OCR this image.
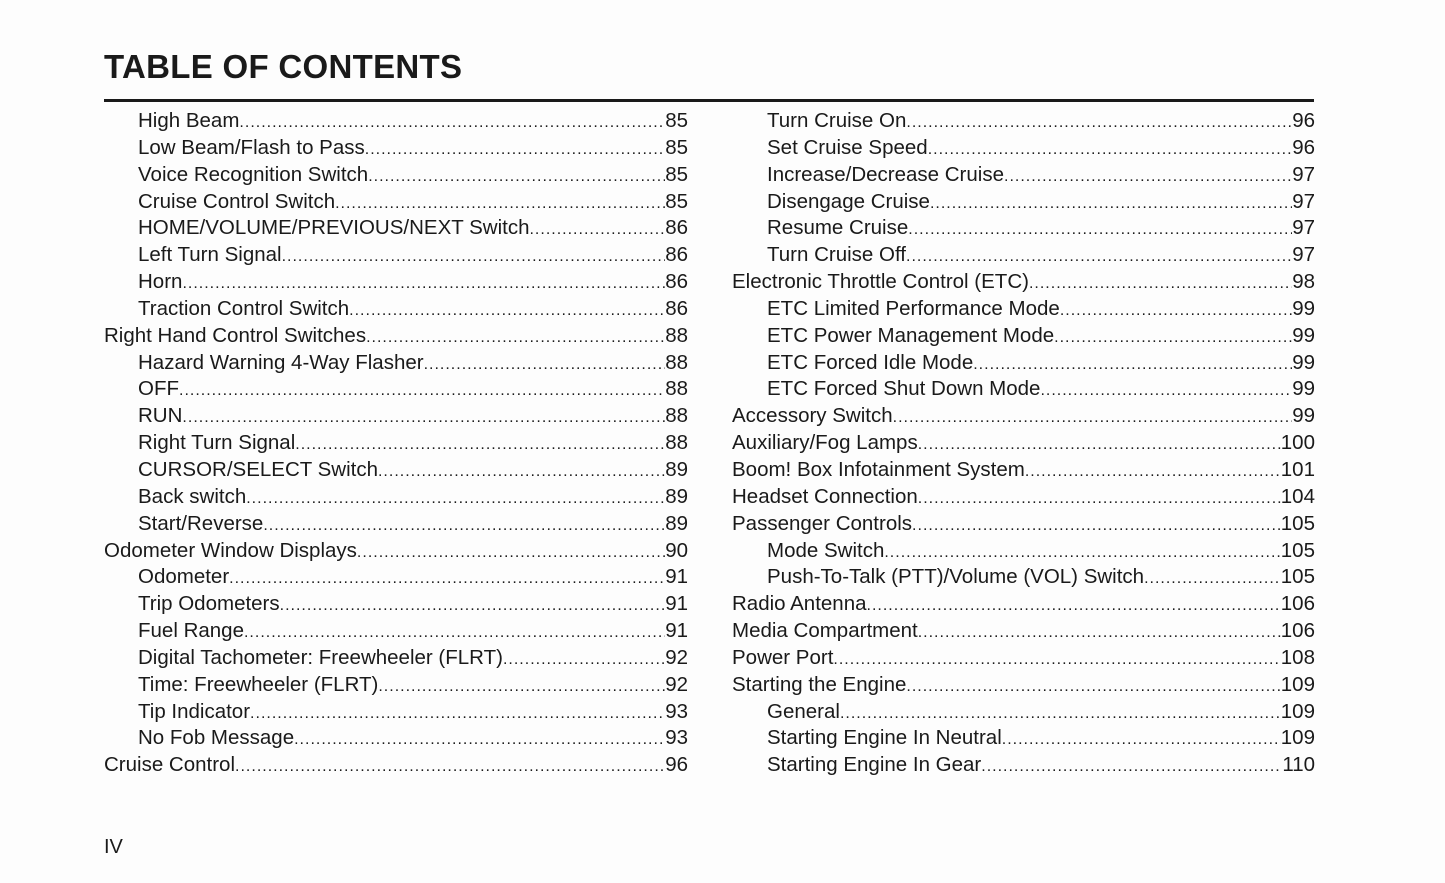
TABLE OF CONTENTS
High Beam .....	85
Low Beam/Flash to Pass .....	85
Voice Recognition Switch .....	85
Cruise Control Switch .....	85
HOME/VOLUME/PREVIOUS/NEXT Switch .....	86
Left Turn Signal .....	86
Horn .....	86
Traction Control Switch .....	86
Right Hand Control Switches .....	88
Hazard Warning 4-Way Flasher .....	88
OFF .....	88
RUN .....	88
Right Turn Signal .....	88
CURSOR/SELECT Switch .....	89
Back switch .....	89
Start/Reverse .....	89
Odometer Window Displays .....	90
Odometer .....	91
Trip Odometers .....	91
Fuel Range .....	91
Digital Tachometer: Freewheeler (FLRT) .....	92
Time: Freewheeler (FLRT) .....	92
Tip Indicator .....	93
No Fob Message .....	93
Cruise Control .....	96
Turn Cruise On .....	96
Set Cruise Speed .....	96
Increase/Decrease Cruise .....	97
Disengage Cruise .....	97
Resume Cruise .....	97
Turn Cruise Off .....	97
Electronic Throttle Control (ETC) .....	98
ETC Limited Performance Mode .....	99
ETC Power Management Mode .....	99
ETC Forced Idle Mode .....	99
ETC Forced Shut Down Mode .....	99
Accessory Switch .....	99
Auxiliary/Fog Lamps .....	100
Boom! Box Infotainment System .....	101
Headset Connection .....	104
Passenger Controls .....	105
Mode Switch .....	105
Push-To-Talk (PTT)/Volume (VOL) Switch .....	105
Radio Antenna .....	106
Media Compartment .....	106
Power Port .....	108
Starting the Engine .....	109
General .....	109
Starting Engine In Neutral .....	109
Starting Engine In Gear .....	110
IV
